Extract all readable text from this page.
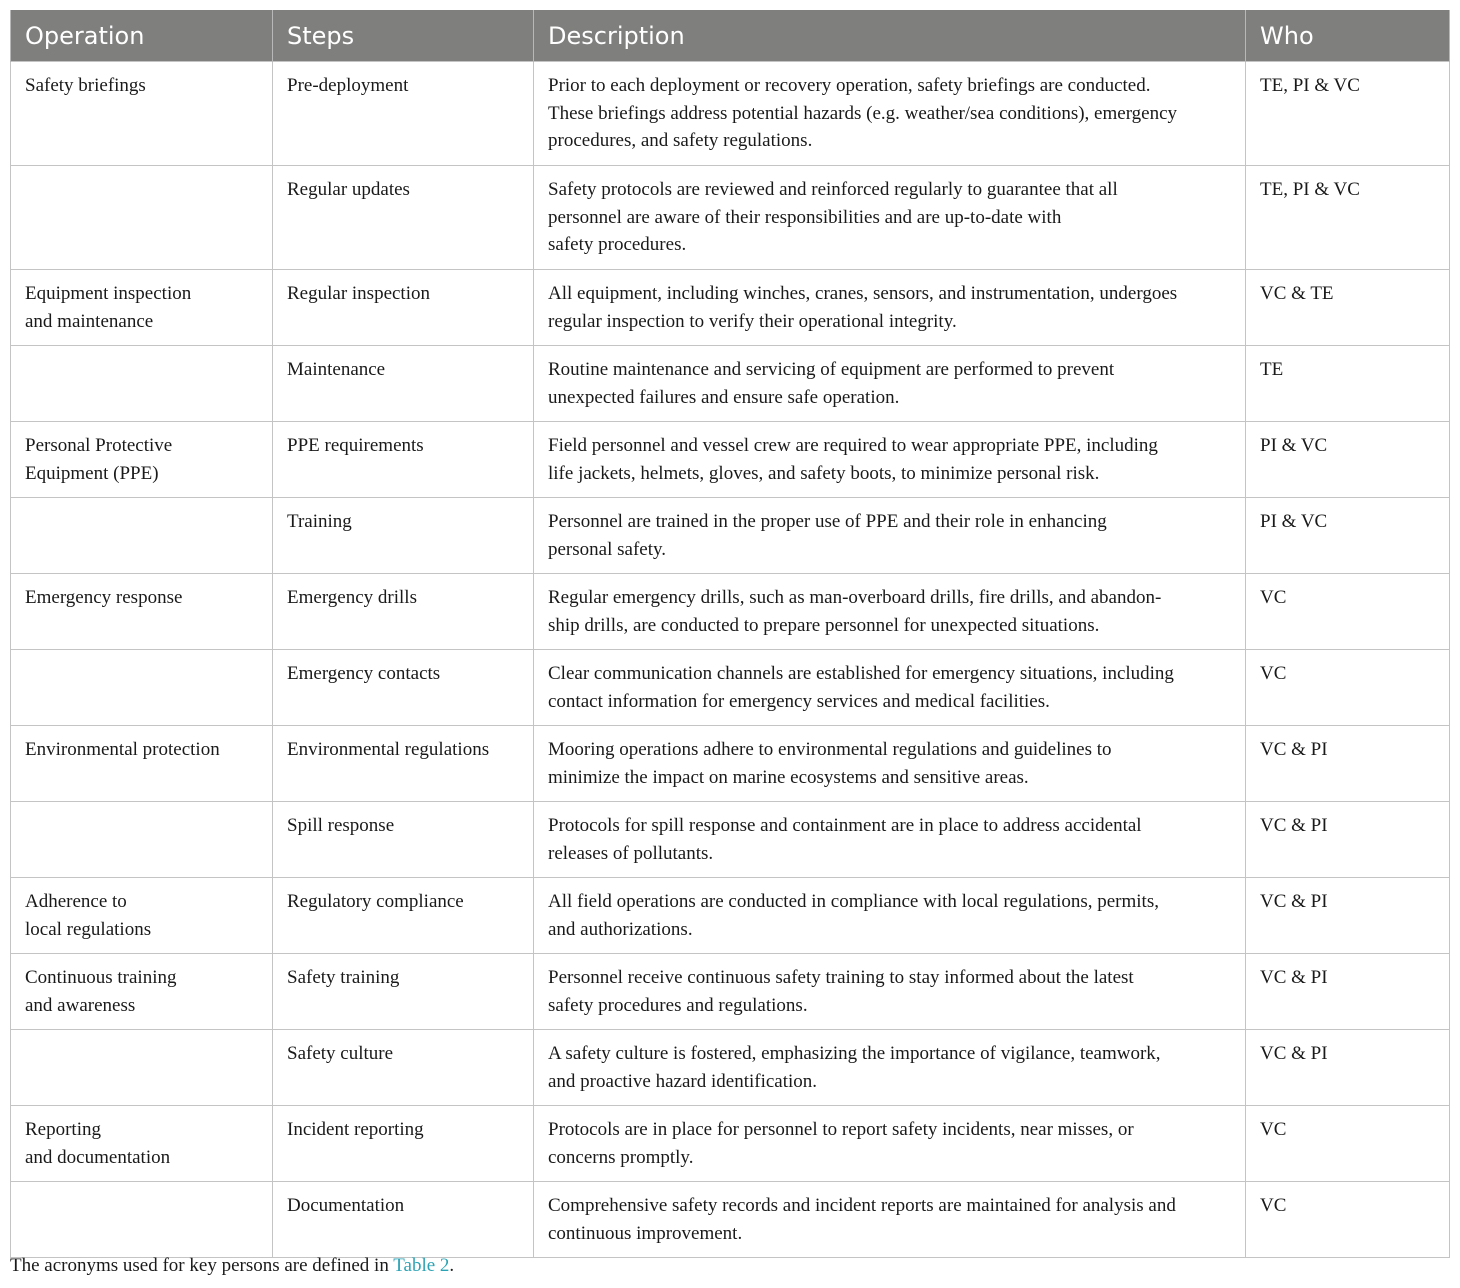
Operation	Steps	Description	Who
Safety briefings	Pre-deployment	Prior to each deployment or recovery operation, safety briefings are conducted.
These briefings address potential hazards (e.g. weather/sea conditions), emergency
procedures, and safety regulations.	TE, PI & VC
	Regular updates	Safety protocols are reviewed and reinforced regularly to guarantee that all
personnel are aware of their responsibilities and are up-to-date with
safety procedures.	TE, PI & VC
Equipment inspection
and maintenance	Regular inspection	All equipment, including winches, cranes, sensors, and instrumentation, undergoes
regular inspection to verify their operational integrity.	VC & TE
	Maintenance	Routine maintenance and servicing of equipment are performed to prevent
unexpected failures and ensure safe operation.	TE
Personal Protective
Equipment (PPE)	PPE requirements	Field personnel and vessel crew are required to wear appropriate PPE, including
life jackets, helmets, gloves, and safety boots, to minimize personal risk.	PI & VC
	Training	Personnel are trained in the proper use of PPE and their role in enhancing
personal safety.	PI & VC
Emergency response	Emergency drills	Regular emergency drills, such as man-overboard drills, fire drills, and abandon-
ship drills, are conducted to prepare personnel for unexpected situations.	VC
	Emergency contacts	Clear communication channels are established for emergency situations, including
contact information for emergency services and medical facilities.	VC
Environmental protection	Environmental regulations	Mooring operations adhere to environmental regulations and guidelines to
minimize the impact on marine ecosystems and sensitive areas.	VC & PI
	Spill response	Protocols for spill response and containment are in place to address accidental
releases of pollutants.	VC & PI
Adherence to
local regulations	Regulatory compliance	All field operations are conducted in compliance with local regulations, permits,
and authorizations.	VC & PI
Continuous training
and awareness	Safety training	Personnel receive continuous safety training to stay informed about the latest
safety procedures and regulations.	VC & PI
	Safety culture	A safety culture is fostered, emphasizing the importance of vigilance, teamwork,
and proactive hazard identification.	VC & PI
Reporting
and documentation	Incident reporting	Protocols are in place for personnel to report safety incidents, near misses, or
concerns promptly.	VC
	Documentation	Comprehensive safety records and incident reports are maintained for analysis and
continuous improvement.	VC
The acronyms used for key persons are defined in Table 2.
